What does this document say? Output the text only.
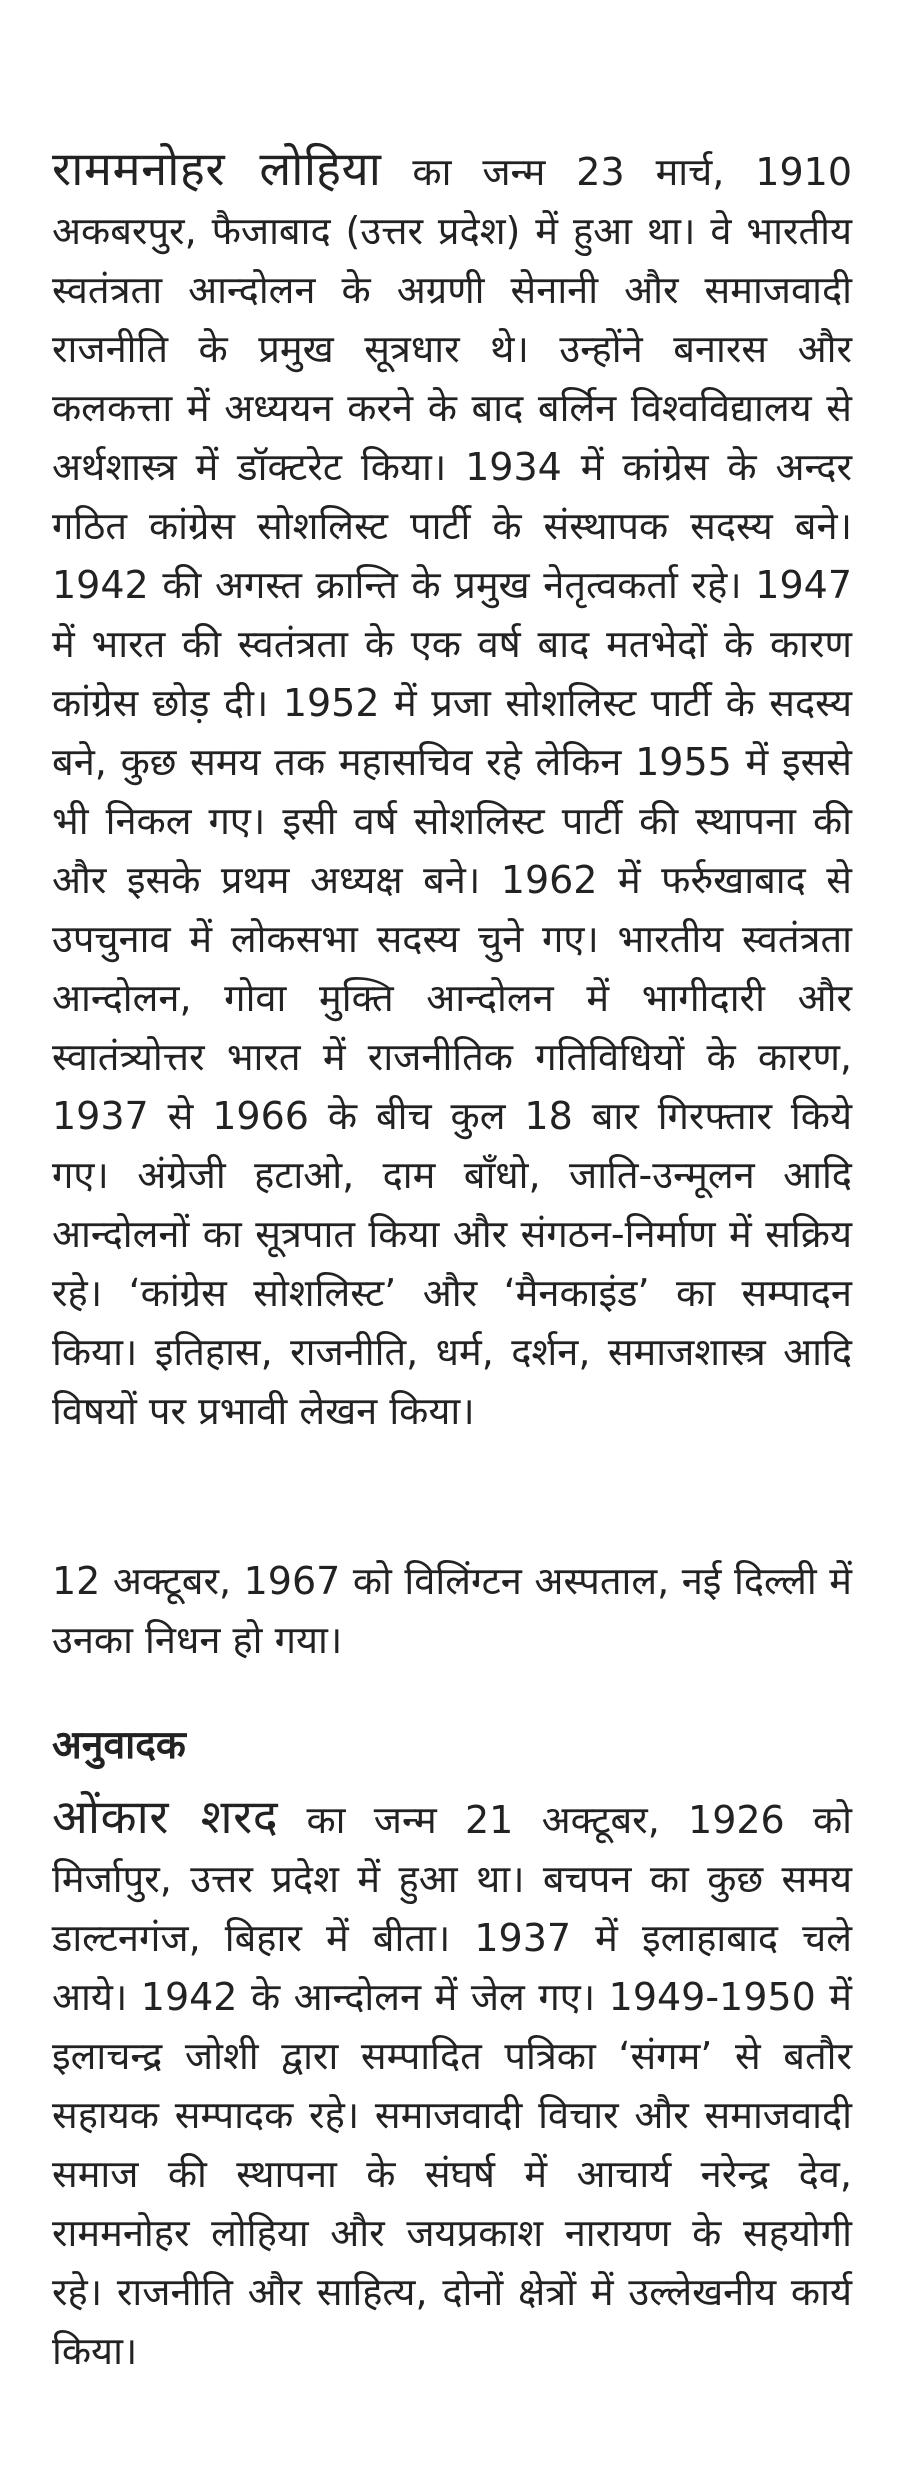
राममनोहर लोहिया का जन्म 23 मार्च, 1910 अकबरपुर, फैजाबाद (उत्तर प्रदेश) में हुआ था। वे भारतीय स्वतंत्रता आन्दोलन के अग्रणी सेनानी और समाजवादी राजनीति के प्रमुख सूत्रधार थे। उन्होंने बनारस और कलकत्ता में अध्ययन करने के बाद बर्लिन विश्वविद्यालय से अर्थशास्त्र में डॉक्टरेट किया। 1934 में कांग्रेस के अन्दर गठित कांग्रेस सोशलिस्ट पार्टी के संस्थापक सदस्य बने। 1942 की अगस्त क्रान्ति के प्रमुख नेतृत्वकर्ता रहे। 1947 में भारत की स्वतंत्रता के एक वर्ष बाद मतभेदों के कारण कांग्रेस छोड़ दी। 1952 में प्रजा सोशलिस्ट पार्टी के सदस्य बने, कुछ समय तक महासचिव रहे लेकिन 1955 में इससे भी निकल गए। इसी वर्ष सोशलिस्ट पार्टी की स्थापना की और इसके प्रथम अध्यक्ष बने। 1962 में फर्रुखाबाद से उपचुनाव में लोकसभा सदस्य चुने गए। भारतीय स्वतंत्रता आन्दोलन, गोवा मुक्ति आन्दोलन में भागीदारी और स्वातंत्र्योत्तर भारत में राजनीतिक गतिविधियों के कारण, 1937 से 1966 के बीच कुल 18 बार गिरफ्तार किये गए। अंग्रेजी हटाओ, दाम बाँधो, जाति-उन्मूलन आदि आन्दोलनों का सूत्रपात किया और संगठन-निर्माण में सक्रिय रहे। ‘कांग्रेस सोशलिस्ट’ और ‘मैनकाइंड’ का सम्पादन किया। इतिहास, राजनीति, धर्म, दर्शन, समाजशास्त्र आदि विषयों पर प्रभावी लेखन किया।

12 अक्टूबर, 1967 को विलिंग्टन अस्पताल, नई दिल्ली में उनका निधन हो गया।

अनुवादक

ओंकार शरद का जन्म 21 अक्टूबर, 1926 को मिर्जापुर, उत्तर प्रदेश में हुआ था। बचपन का कुछ समय डाल्टनगंज, बिहार में बीता। 1937 में इलाहाबाद चले आये। 1942 के आन्दोलन में जेल गए। 1949-1950 में इलाचन्द्र जोशी द्वारा सम्पादित पत्रिका ‘संगम’ से बतौर सहायक सम्पादक रहे। समाजवादी विचार और समाजवादी समाज की स्थापना के संघर्ष में आचार्य नरेन्द्र देव, राममनोहर लोहिया और जयप्रकाश नारायण के सहयोगी रहे। राजनीति और साहित्य, दोनों क्षेत्रों में उल्लेखनीय कार्य किया।
